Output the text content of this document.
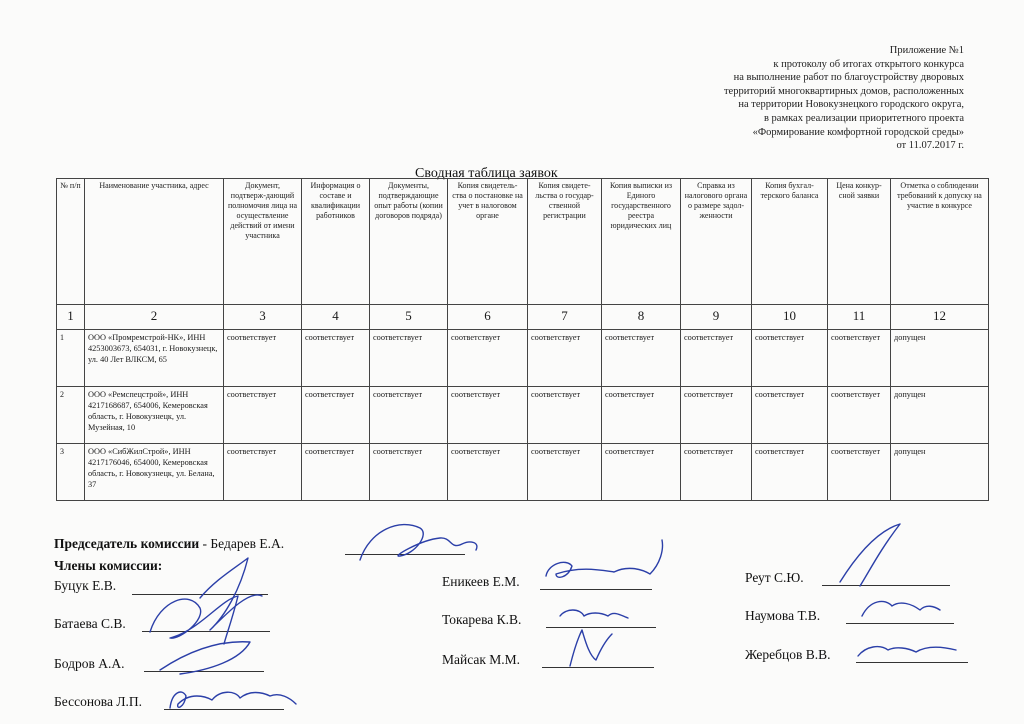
Приложение №1
к протоколу об итогах открытого конкурса
на выполнение работ по благоустройству дворовых
территорий многоквартирных домов, расположенных
на территории Новокузнецкого городского округа,
в рамках реализации приоритетного проекта
«Формирование комфортной городской среды»
от 11.07.2017 г.
Сводная таблица заявок
№ п/п	Наименование участника, адрес	Документ, подтверж-дающий полномочия лица на осуществление действий от имени участника	Информация о составе и квалификации работников	Документы, подтверждающие опыт работы (копии договоров подряда)	Копия свидетель-ства о постановке на учет в налоговом органе	Копия свидете-льства о государ-ственной регистрации	Копия выписки из Единого государственного реестра юридических лиц	Справка из налогового органа о размере задол-женности	Копия бухгал-терского баланса	Цена конкур-сной заявки	Отметка о соблюдении требований к допуску на участие в конкурсе
1	2	3	4	5	6	7	8	9	10	11	12
1	ООО «Промремстрой-НК», ИНН 4253003673, 654031, г. Новокузнецк, ул. 40 Лет ВЛКСМ, 65	соответствует	соответствует	соответствует	соответствует	соответствует	соответствует	соответствует	соответствует	соответствует	допущен
2	ООО «Ремспецстрой», ИНН 4217168687, 654006, Кемеровская область, г. Новокузнецк, ул. Музейная, 10	соответствует	соответствует	соответствует	соответствует	соответствует	соответствует	соответствует	соответствует	соответствует	допущен
3	ООО «СибЖилСтрой», ИНН 4217176046, 654000, Кемеровская область, г. Новокузнецк, ул. Белана, 37	соответствует	соответствует	соответствует	соответствует	соответствует	соответствует	соответствует	соответствует	соответствует	допущен
Председатель комиссии - Бедарев Е.А.
Члены комиссии:
Буцук Е.В.
Батаева С.В.
Бодров А.А.
Бессонова Л.П.
Еникеев Е.М.
Токарева К.В.
Майсак М.М.
Реут С.Ю.
Наумова Т.В.
Жеребцов В.В.
